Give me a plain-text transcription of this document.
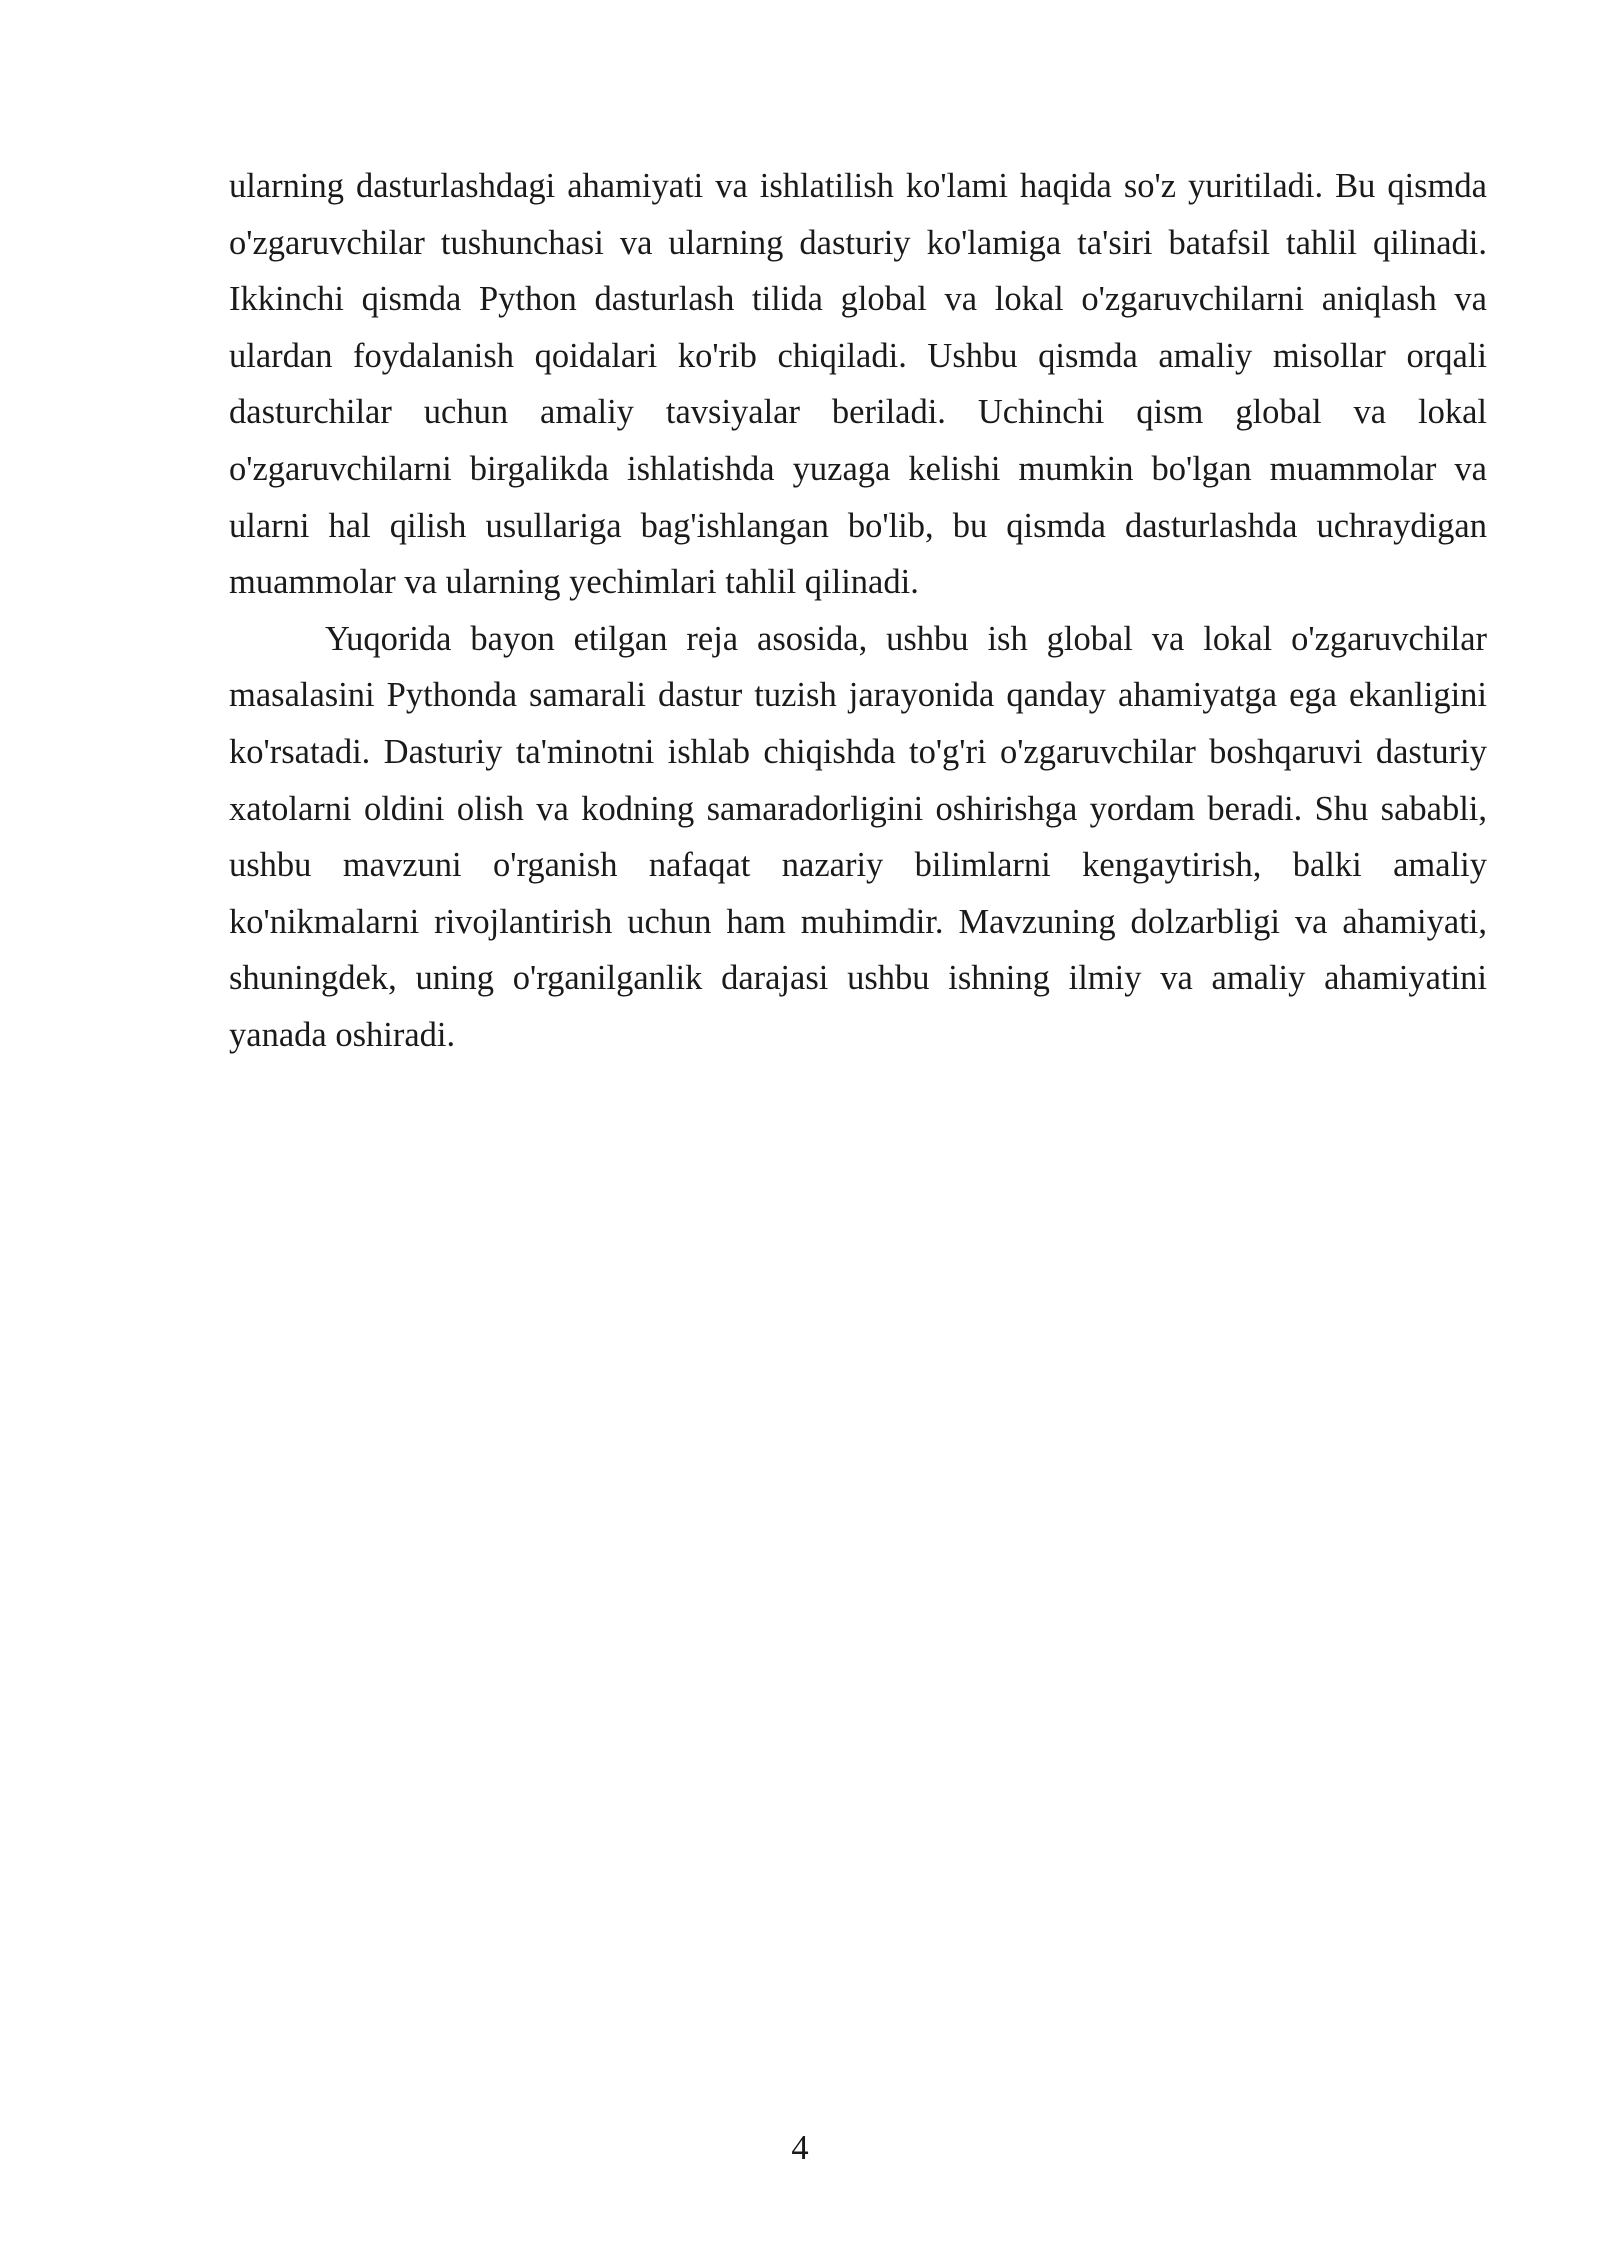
ularning dasturlashdagi ahamiyati va ishlatilish ko'lami haqida so'z yuritiladi. Bu qismda o'zgaruvchilar tushunchasi va ularning dasturiy ko'lamiga ta'siri batafsil tahlil qilinadi. Ikkinchi qismda Python dasturlash tilida global va lokal o'zgaruvchilarni aniqlash va ulardan foydalanish qoidalari ko'rib chiqiladi. Ushbu qismda amaliy misollar orqali dasturchilar uchun amaliy tavsiyalar beriladi. Uchinchi qism global va lokal o'zgaruvchilarni birgalikda ishlatishda yuzaga kelishi mumkin bo'lgan muammolar va ularni hal qilish usullariga bag'ishlangan bo'lib, bu qismda dasturlashda uchraydigan muammolar va ularning yechimlari tahlil qilinadi.

Yuqorida bayon etilgan reja asosida, ushbu ish global va lokal o'zgaruvchilar masalasini Pythonda samarali dastur tuzish jarayonida qanday ahamiyatga ega ekanligini ko'rsatadi. Dasturiy ta'minotni ishlab chiqishda to'g'ri o'zgaruvchilar boshqaruvi dasturiy xatolarni oldini olish va kodning samaradorligini oshirishga yordam beradi. Shu sababli, ushbu mavzuni o'rganish nafaqat nazariy bilimlarni kengaytirish, balki amaliy ko'nikmalarni rivojlantirish uchun ham muhimdir. Mavzuning dolzarbligi va ahamiyati, shuningdek, uning o'rganilganlik darajasi ushbu ishning ilmiy va amaliy ahamiyatini yanada oshiradi.

4
